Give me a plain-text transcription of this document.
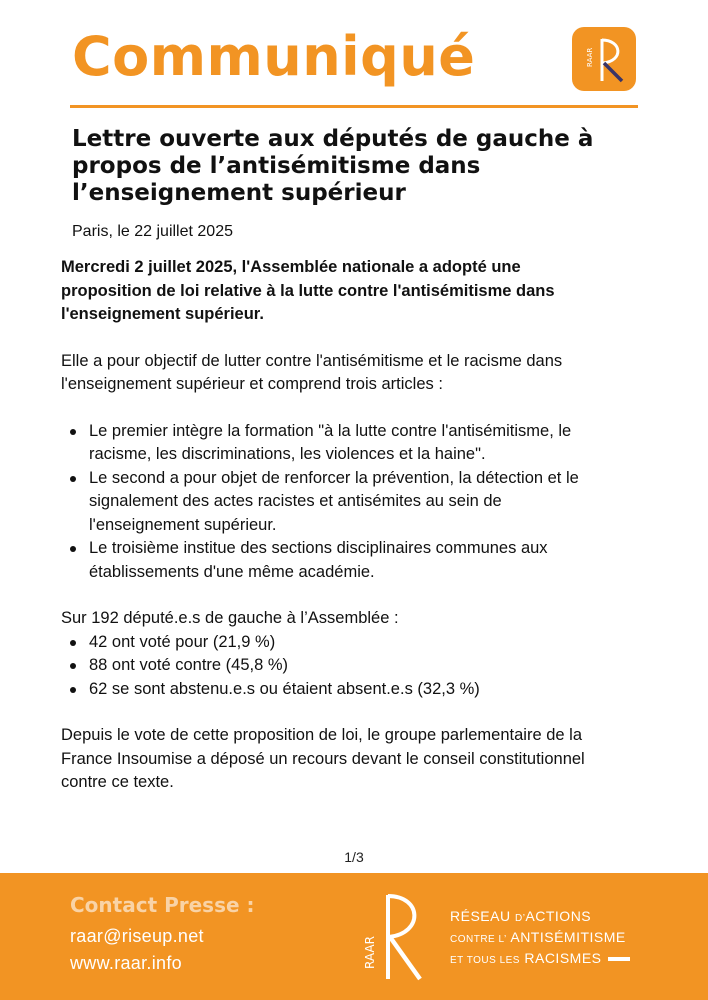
Communiqué	RAAR
Lettre ouverte aux députés de gauche à propos de l’antisémitisme dans l’enseignement supérieur
Paris, le 22 juillet 2025

Mercredi 2 juillet 2025, l'Assemblée nationale a adopté une proposition de loi relative à la lutte contre l'antisémitisme dans l'enseignement supérieur.

Elle a pour objectif de lutter contre l'antisémitisme et le racisme dans l'enseignement supérieur et comprend trois articles :

Le premier intègre la formation "à la lutte contre l'antisémitisme, le racisme, les discriminations, les violences et la haine".
Le second a pour objet de renforcer la prévention, la détection et le signalement des actes racistes et antisémites au sein de l'enseignement supérieur.
Le troisième institue des sections disciplinaires communes aux établissements d'une même académie.

Sur 192 député.e.s de gauche à l’Assemblée :

42 ont voté pour (21,9 %)
88 ont voté contre (45,8 %)
62 se sont abstenu.e.s ou étaient absent.e.s (32,3 %)

Depuis le vote de cette proposition de loi, le groupe parlementaire de la France Insoumise a déposé un recours devant le conseil constitutionnel contre ce texte.

1/3
Contact Presse :
raar@riseup.net
www.raar.info	RAAR
RÉSEAU D’ACTIONS
CONTRE L’ ANTISÉMITISME
ET TOUS LES RACISMES
